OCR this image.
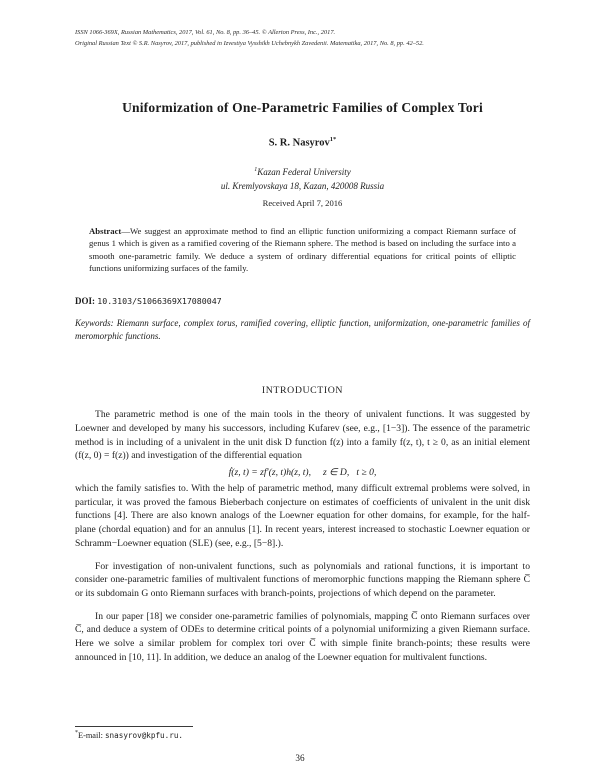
ISSN 1066-369X, Russian Mathematics, 2017, Vol. 61, No. 8, pp. 36–45. © Allerton Press, Inc., 2017.
Original Russian Text © S.R. Nasyrov, 2017, published in Izvestiya Vysshikh Uchebnykh Zavedenii. Matematika, 2017, No. 8, pp. 42–52.
Uniformization of One-Parametric Families of Complex Tori
S. R. Nasyrov$^{1*}$
$^1$Kazan Federal University
ul. Kremlyovskaya 18, Kazan, 420008 Russia
Received April 7, 2016
Abstract—We suggest an approximate method to find an elliptic function uniformizing a compact Riemann surface of genus 1 which is given as a ramified covering of the Riemann sphere. The method is based on including the surface into a smooth one-parametric family. We deduce a system of ordinary differential equations for critical points of elliptic functions uniformizing surfaces of the family.
DOI: 10.3103/S1066369X17080047
Keywords: Riemann surface, complex torus, ramified covering, elliptic function, uniformization, one-parametric families of meromorphic functions.
INTRODUCTION

The parametric method is one of the main tools in the theory of univalent functions. It was suggested by Loewner and developed by many his successors, including Kufarev (see, e.g., [1−3]). The essence of the parametric method is in including of a univalent in the unit disk D function f(z) into a family f(z, t), t ≥ 0, as an initial element (f(z, 0) = f(z)) and investigation of the differential equation

ḟ(z, t) = zf′(z, t)h(z, t),  z ∈ D,  t ≥ 0,

which the family satisfies to. With the help of parametric method, many difficult extremal problems were solved, in particular, it was proved the famous Bieberbach conjecture on estimates of coefficients of univalent in the unit disk functions [4]. There are also known analogs of the Loewner equation for other domains, for example, for the half-plane (chordal equation) and for an annulus [1]. In recent years, interest increased to stochastic Loewner equation or Schramm−Loewner equation (SLE) (see, e.g., [5−8].).

For investigation of non-univalent functions, such as polynomials and rational functions, it is important to consider one-parametric families of multivalent functions of meromorphic functions mapping the Riemann sphere C̅ or its subdomain G onto Riemann surfaces with branch-points, projections of which depend on the parameter.

In our paper [18] we consider one-parametric families of polynomials, mapping C̅ onto Riemann surfaces over C̅, and deduce a system of ODEs to determine critical points of a polynomial uniformizing a given Riemann surface. Here we solve a similar problem for complex tori over C̅ with simple finite branch-points; these results were announced in [10, 11]. In addition, we deduce an analog of the Loewner equation for multivalent functions.

*E-mail: snasyrov@kpfu.ru.
36
